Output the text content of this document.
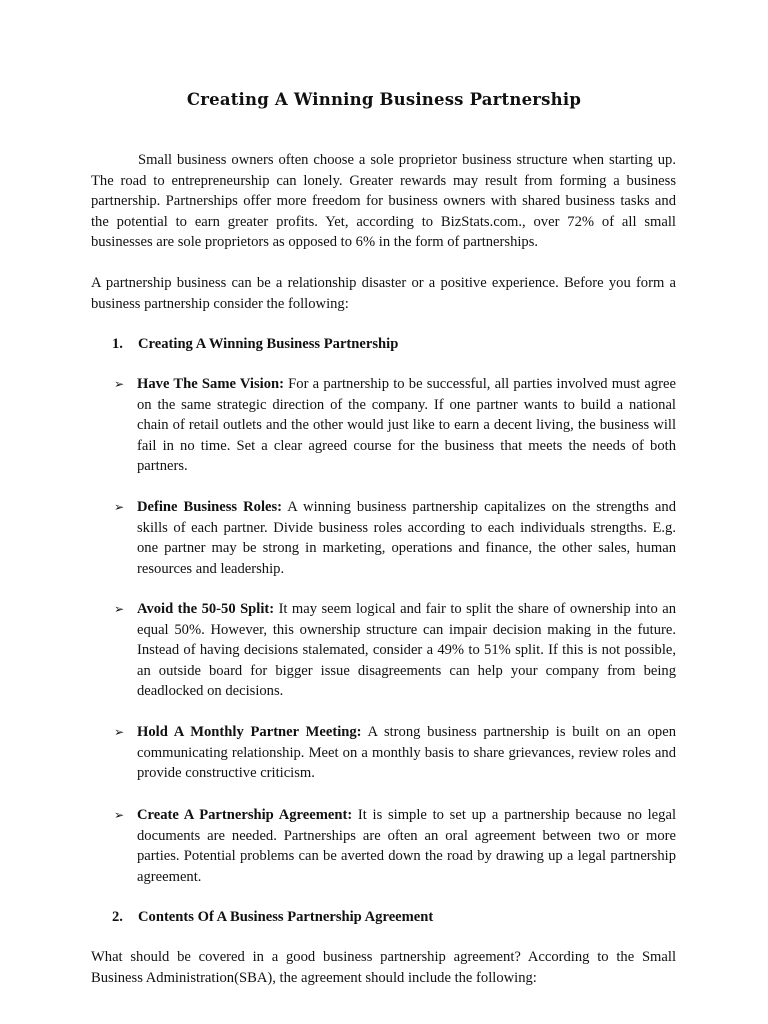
Creating A Winning Business Partnership
Small business owners often choose a sole proprietor business structure when starting up. The road to entrepreneurship can lonely. Greater rewards may result from forming a business partnership. Partnerships offer more freedom for business owners with shared business tasks and the potential to earn greater profits. Yet, according to BizStats.com., over 72% of all small businesses are sole proprietors as opposed to 6% in the form of partnerships.
A partnership business can be a relationship disaster or a positive experience. Before you form a business partnership consider the following:
1. Creating A Winning Business Partnership
➢ Have The Same Vision: For a partnership to be successful, all parties involved must agree on the same strategic direction of the company. If one partner wants to build a national chain of retail outlets and the other would just like to earn a decent living, the business will fail in no time. Set a clear agreed course for the business that meets the needs of both partners.
➢ Define Business Roles: A winning business partnership capitalizes on the strengths and skills of each partner. Divide business roles according to each individuals strengths. E.g. one partner may be strong in marketing, operations and finance, the other sales, human resources and leadership.
➢ Avoid the 50-50 Split: It may seem logical and fair to split the share of ownership into an equal 50%. However, this ownership structure can impair decision making in the future. Instead of having decisions stalemated, consider a 49% to 51% split. If this is not possible, an outside board for bigger issue disagreements can help your company from being deadlocked on decisions.
➢ Hold A Monthly Partner Meeting: A strong business partnership is built on an open communicating relationship. Meet on a monthly basis to share grievances, review roles and provide constructive criticism.
➢ Create A Partnership Agreement: It is simple to set up a partnership because no legal documents are needed. Partnerships are often an oral agreement between two or more parties. Potential problems can be averted down the road by drawing up a legal partnership agreement.
2. Contents Of A Business Partnership Agreement
What should be covered in a good business partnership agreement? According to the Small Business Administration(SBA), the agreement should include the following:
